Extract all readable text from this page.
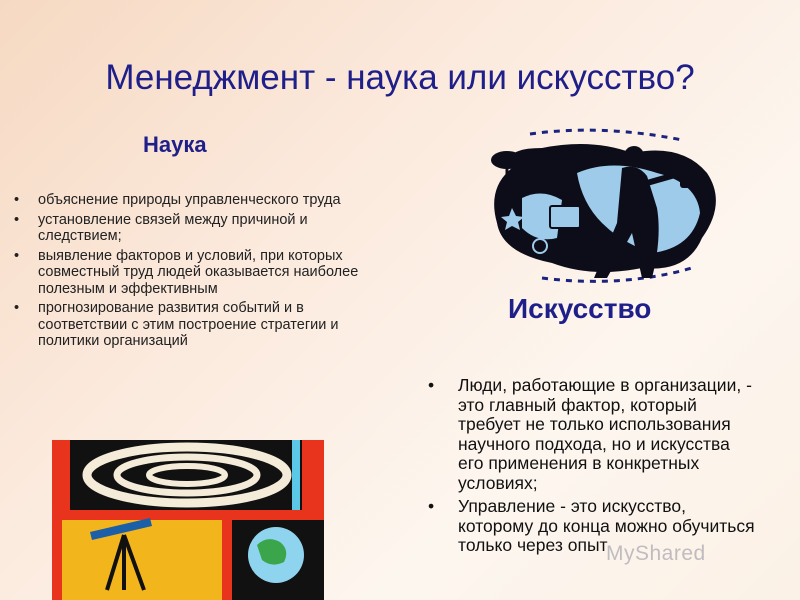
Менеджмент - наука или искусство?
Наука
• объяснение природы управленческого труда
• установление связей между причиной и следствием;
• выявление факторов и условий, при которых совместный труд людей оказывается наиболее полезным и эффективным
• прогнозирование развития событий и в соответствии с этим построение стратегии и политики организаций
Искусство
• Люди, работающие в организации, - это главный фактор, который требует не только использования научного подхода, но и искусства его применения в конкретных условиях;
• Управление - это искусство, которому до конца можно обучиться только через опыт
MyShared
